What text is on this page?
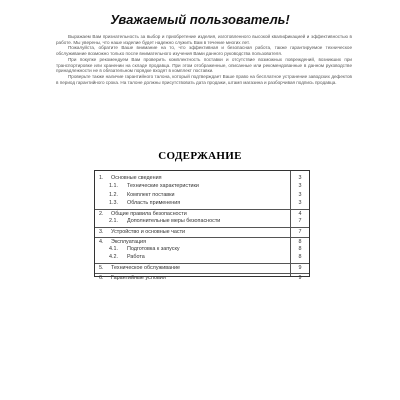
Уважаемый пользователь!

Выражаем Вам признательность за выбор и приобретение изделия, изготовленного высокой квалификацией и эффективностью в работе. Мы уверены, что наше изделие будет надежно служить Вам в течение многих лет.

Пожалуйста, обратите Ваше внимание на то, что эффективная и безопасная работа, также гарантируемое техническое обслуживание возможно только после внимательного изучения Вами данного руководства пользователя.

При покупке рекомендуем Вам проверить комплектность поставки и отсутствие возможных повреждений, возникших при транспортировке или хранении на складе продавца. При этом отображенные, описанные или рекомендованные в данном руководстве принадлежности не в обязательном порядке входят в комплект поставки.

Проверьте также наличие гарантийного талона, который подтверждает Ваше право на бесплатное устранение заводских дефектов в период гарантийного срока. На талоне должны присутствовать дата продажи, штамп магазина и разборчивая подпись продавца.

СОДЕРЖАНИЕ
1. Основные сведения	3
1.1. Технические характеристики	3
1.2. Комплект поставки	3
1.3. Область применения	3
2. Общие правила безопасности	4
2.1. Дополнительные меры безопасности	7
3. Устройство и основные части	7
4. Эксплуатация	8
4.1. Подготовка к запуску	8
4.2. Работа	8
5. Техническое обслуживание	9
6. Гарантийные условия	9
